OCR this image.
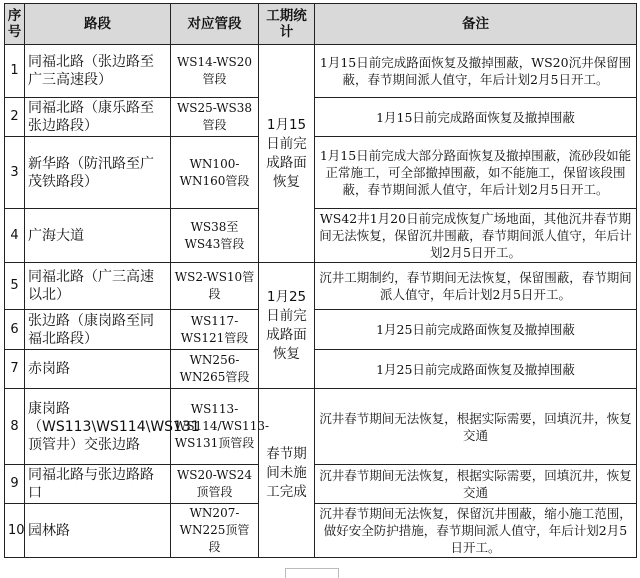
序号	路段	对应管段	工期统计	备注
1	同福北路（张边路至广三高速段）	WS14-WS20管段	1月15日前完成路面恢复	1月15日前完成路面恢复及撤掉围蔽，WS20沉井保留围蔽，春节期间派人值守，年后计划2月5日开工。
2	同福北路（康乐路至张边路段）	WS25-WS38管段		1月15日前完成路面恢复及撤掉围蔽
3	新华路（防汛路至广茂铁路段）	WN100-WN160管段		1月15日前完成大部分路面恢复及撤掉围蔽，流砂段如能正常施工，可全部撤掉围蔽，如不能施工，保留该段围蔽，春节期间派人值守，年后计划2月5日开工。
4	广海大道	WS38至WS43管段		WS42井1月20日前完成恢复广场地面，其他沉井春节期间无法恢复，保留沉井围蔽，春节期间派人值守，年后计划2月5日开工。
5	同福北路（广三高速以北）	WS2-WS10管段	1月25日前完成路面恢复	沉井工期制约，春节期间无法恢复，保留围蔽，春节期间派人值守，年后计划2月5日开工。
6	张边路（康岗路至同福北路段）	WS117-WS121管段		1月25日前完成路面恢复及撤掉围蔽
7	赤岗路	WN256-WN265管段		1月25日前完成路面恢复及撤掉围蔽
8	康岗路（WS113\WS114\WS131顶管井）交张边路	WS113-WS114/WS113-WS131顶管段	春节期间未施工完成	沉井春节期间无法恢复，根据实际需要，回填沉井，恢复交通
9	同福北路与张边路路口	WS20-WS24顶管段		沉井春节期间无法恢复，根据实际需要，回填沉井，恢复交通
10	园林路	WN207-WN225顶管段		沉井春节期间无法恢复，保留沉井围蔽，缩小施工范围，做好安全防护措施，春节期间派人值守，年后计划2月5日开工。
